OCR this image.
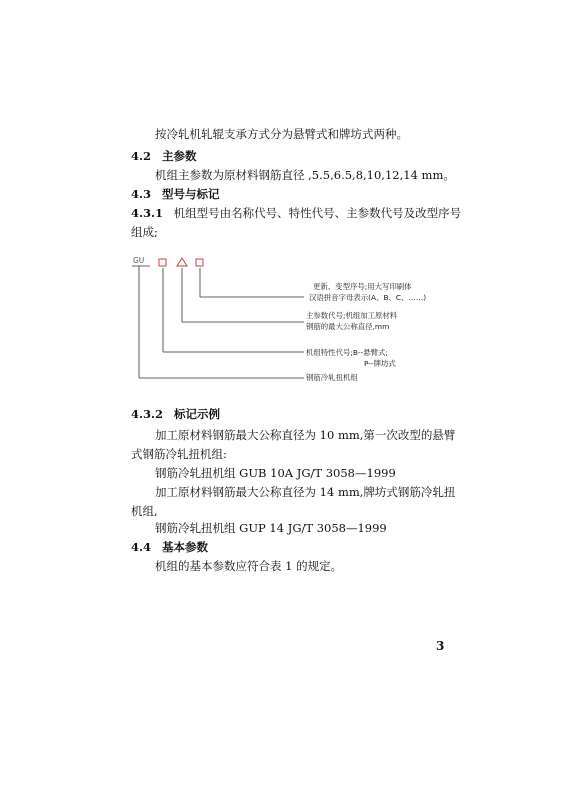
按冷轧机轧辊支承方式分为悬臂式和牌坊式两种。
4.2 主参数
机组主参数为原材料钢筋直径 ,5.5,6.5,8,10,12,14 mm。
4.3 型号与标记
4.3.1 机组型号由名称代号、特性代号、主参数代号及改型序号
组成;
GU
更新、变型序号;用大写印刷体
汉语拼音字母表示(A、B、C、……)
主参数代号;机组加工原材料
钢筋的最大公称直径,mm
机组特性代号;B--悬臂式;
P--牌坊式
钢筋冷轧扭机组
4.3.2 标记示例
加工原材料钢筋最大公称直径为 10 mm,第一次改型的悬臂
式钢筋冷轧扭机组:
钢筋冷轧扭机组 GUB 10A JG/T 3058—1999
加工原材料钢筋最大公称直径为 14 mm,牌坊式钢筋冷轧扭
机组,
钢筋冷轧扭机组 GUP 14 JG/T 3058—1999
4.4 基本参数
机组的基本参数应符合表 1 的规定。
3
